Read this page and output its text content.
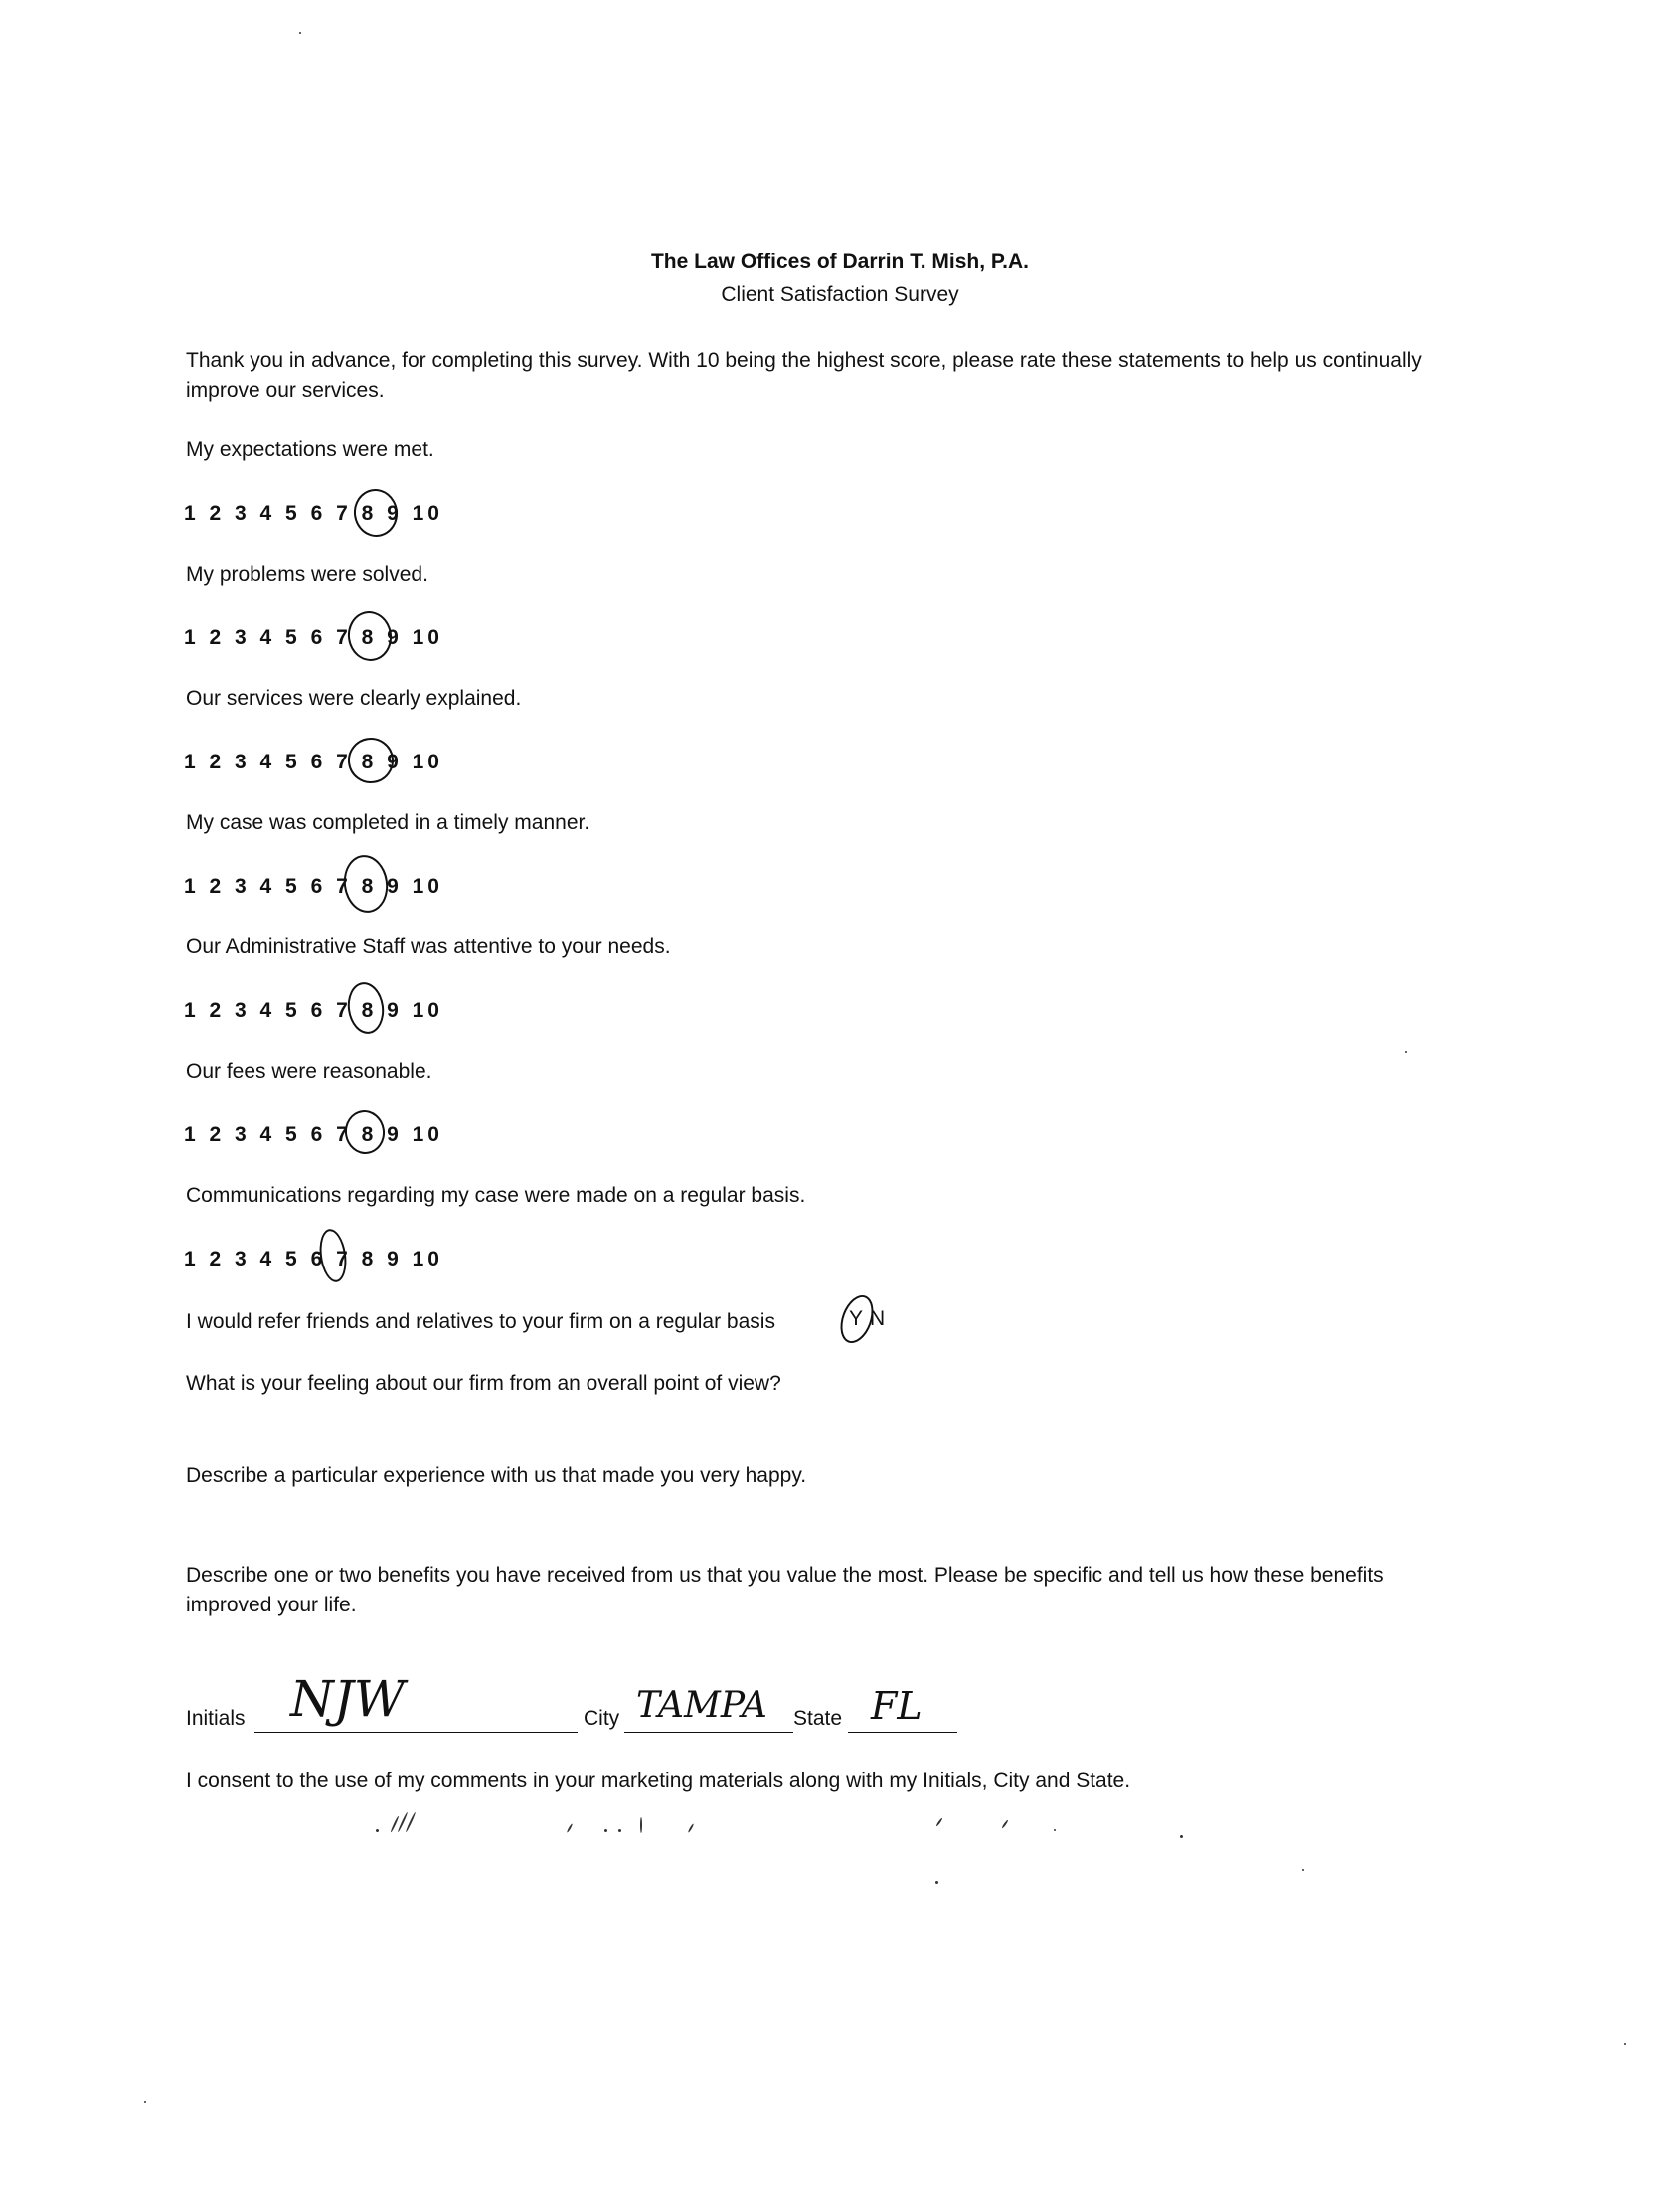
The Law Offices of Darrin T. Mish, P.A.
Client Satisfaction Survey
Thank you in advance, for completing this survey. With 10 being the highest score, please rate these statements to help us continually improve our services.
My expectations were met.
1 2 3 4 5 6 7 8 9 10
My problems were solved.
1 2 3 4 5 6 7 8 9 10
Our services were clearly explained.
1 2 3 4 5 6 7 8 9 10
My case was completed in a timely manner.
1 2 3 4 5 6 7 8 9 10
Our Administrative Staff was attentive to your needs.
1 2 3 4 5 6 7 8 9 10
Our fees were reasonable.
1 2 3 4 5 6 7 8 9 10
Communications regarding my case were made on a regular basis.
1 2 3 4 5 6 7 8 9 10
I would refer friends and relatives to your firm on a regular basis	Y N
What is your feeling about our firm from an overall point of view?
Describe a particular experience with us that made you very happy.
Describe one or two benefits you have received from us that you value the most. Please be specific and tell us how these benefits improved your life.
Initials NJW	City TAMPA State FL
I consent to the use of my comments in your marketing materials along with my Initials, City and State.
